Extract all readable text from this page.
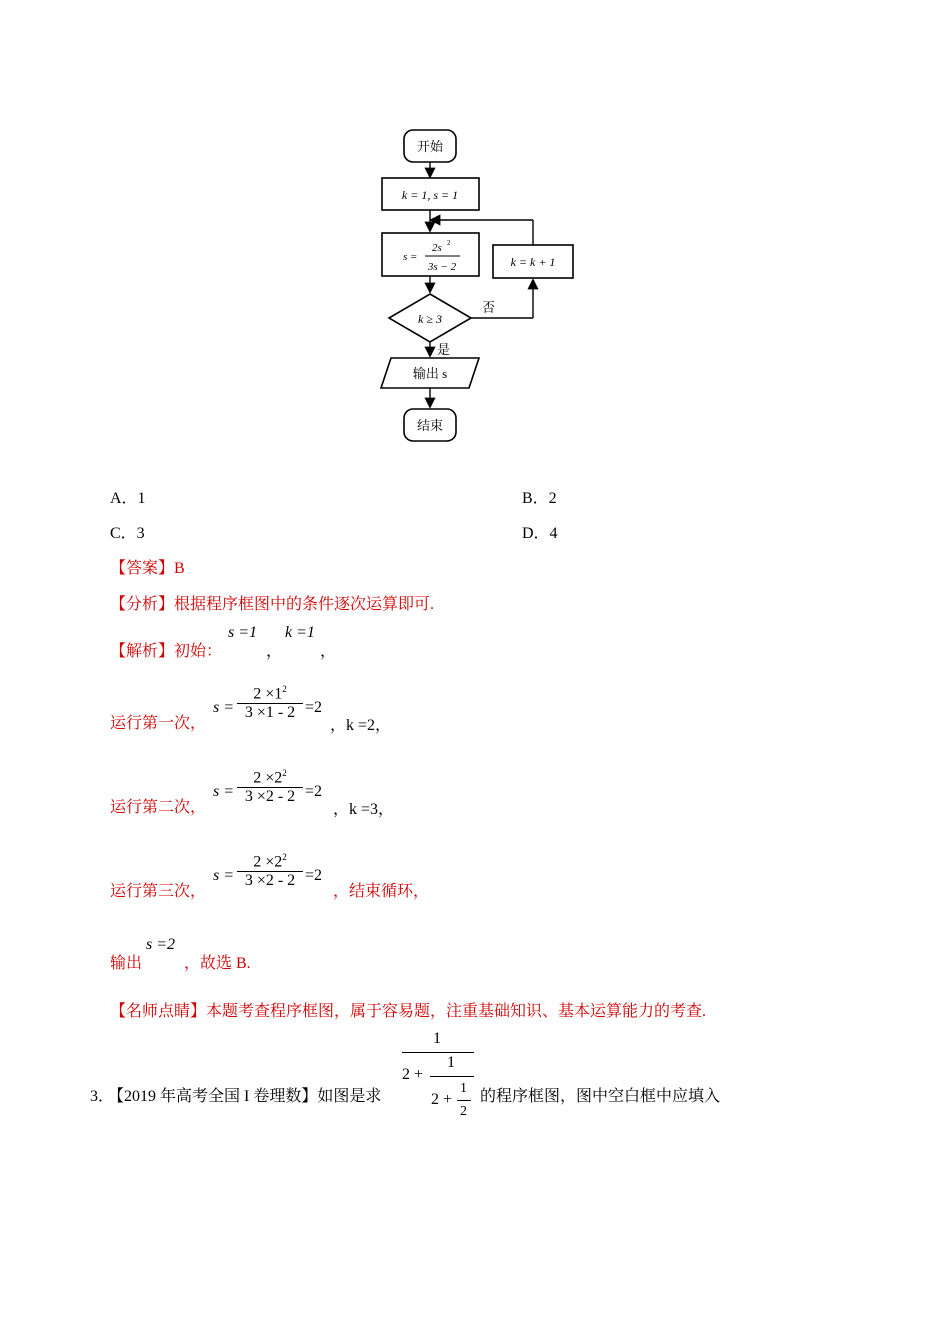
开始
k = 1, s = 1
s =
2s 2
3s − 2	k = k + 1
k ≥ 3
否
是
输出 s
结束
A．1	B．2
C．3	D．4
【答案】B
【分析】根据程序框图中的条件逐次运算即可.
【解析】初始：
s =1
，
k =1
，
运行第一次，
s =
$2 \times 1^2$
3 ×1 - 2 =2
，k =2，
运行第二次，
s =
$2 \times 2^2$
3 ×2 - 2 =2
，k =3，
运行第三次，
s =
$2 \times 2^2$
3 ×2 - 2 =2
，结束循环，
输出
s =2
，故选 B.
【名师点睛】本题考查程序框图，属于容易题，注重基础知识、基本运算能力的考查.
3．
【2019 年高考全国 I 卷理数】如图是求
1
2 +
1
2 +
1
2
的程序框图，图中空白框中应填入
